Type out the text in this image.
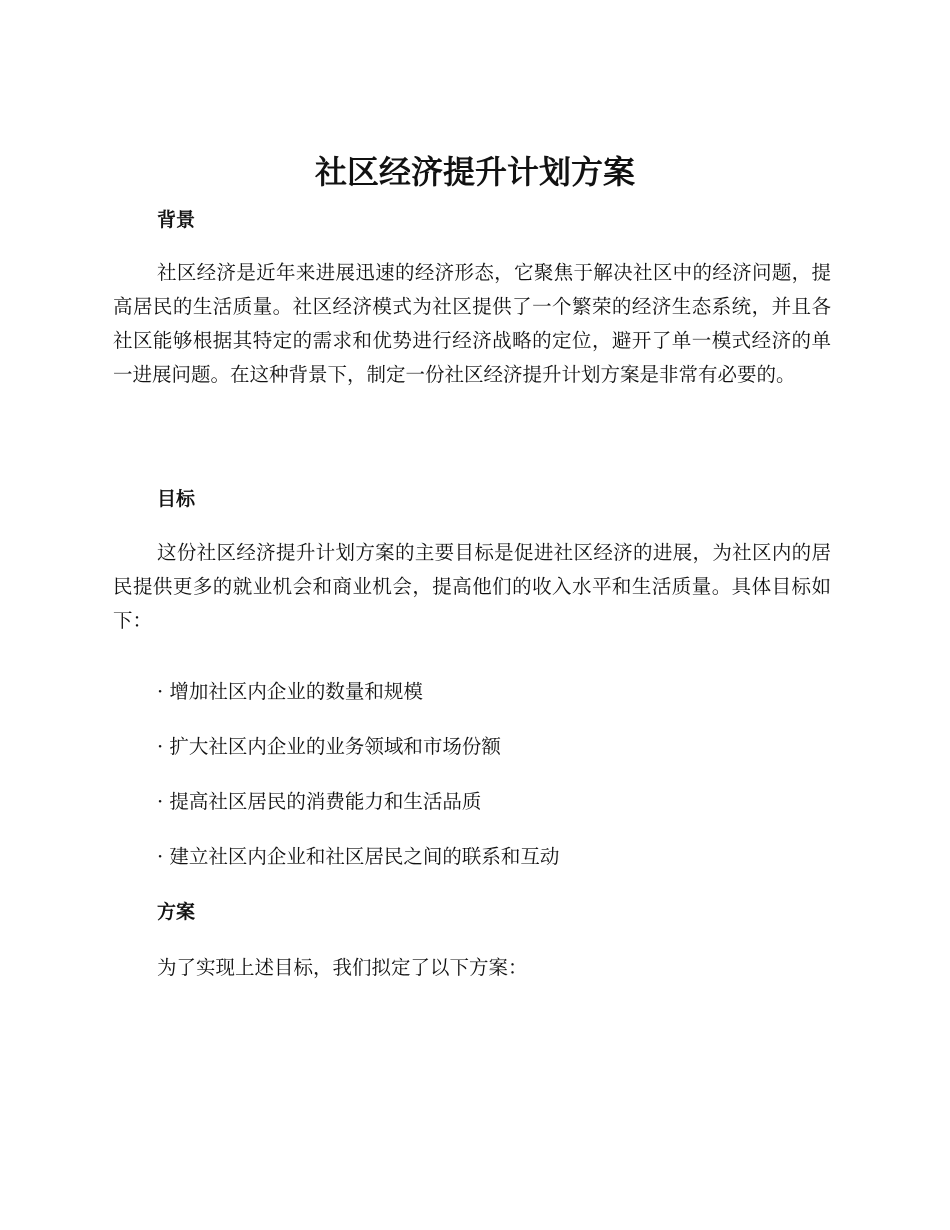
社区经济提升计划方案
背景

社区经济是近年来进展迅速的经济形态，它聚焦于解决社区中的经济问题，提高居民的生活质量。社区经济模式为社区提供了一个繁荣的经济生态系统，并且各社区能够根据其特定的需求和优势进行经济战略的定位，避开了单一模式经济的单一进展问题。在这种背景下，制定一份社区经济提升计划方案是非常有必要的。

目标

这份社区经济提升计划方案的主要目标是促进社区经济的进展，为社区内的居民提供更多的就业机会和商业机会，提高他们的收入水平和生活质量。具体目标如下：

· 增加社区内企业的数量和规模

· 扩大社区内企业的业务领域和市场份额

· 提高社区居民的消费能力和生活品质

· 建立社区内企业和社区居民之间的联系和互动

方案

为了实现上述目标，我们拟定了以下方案：
